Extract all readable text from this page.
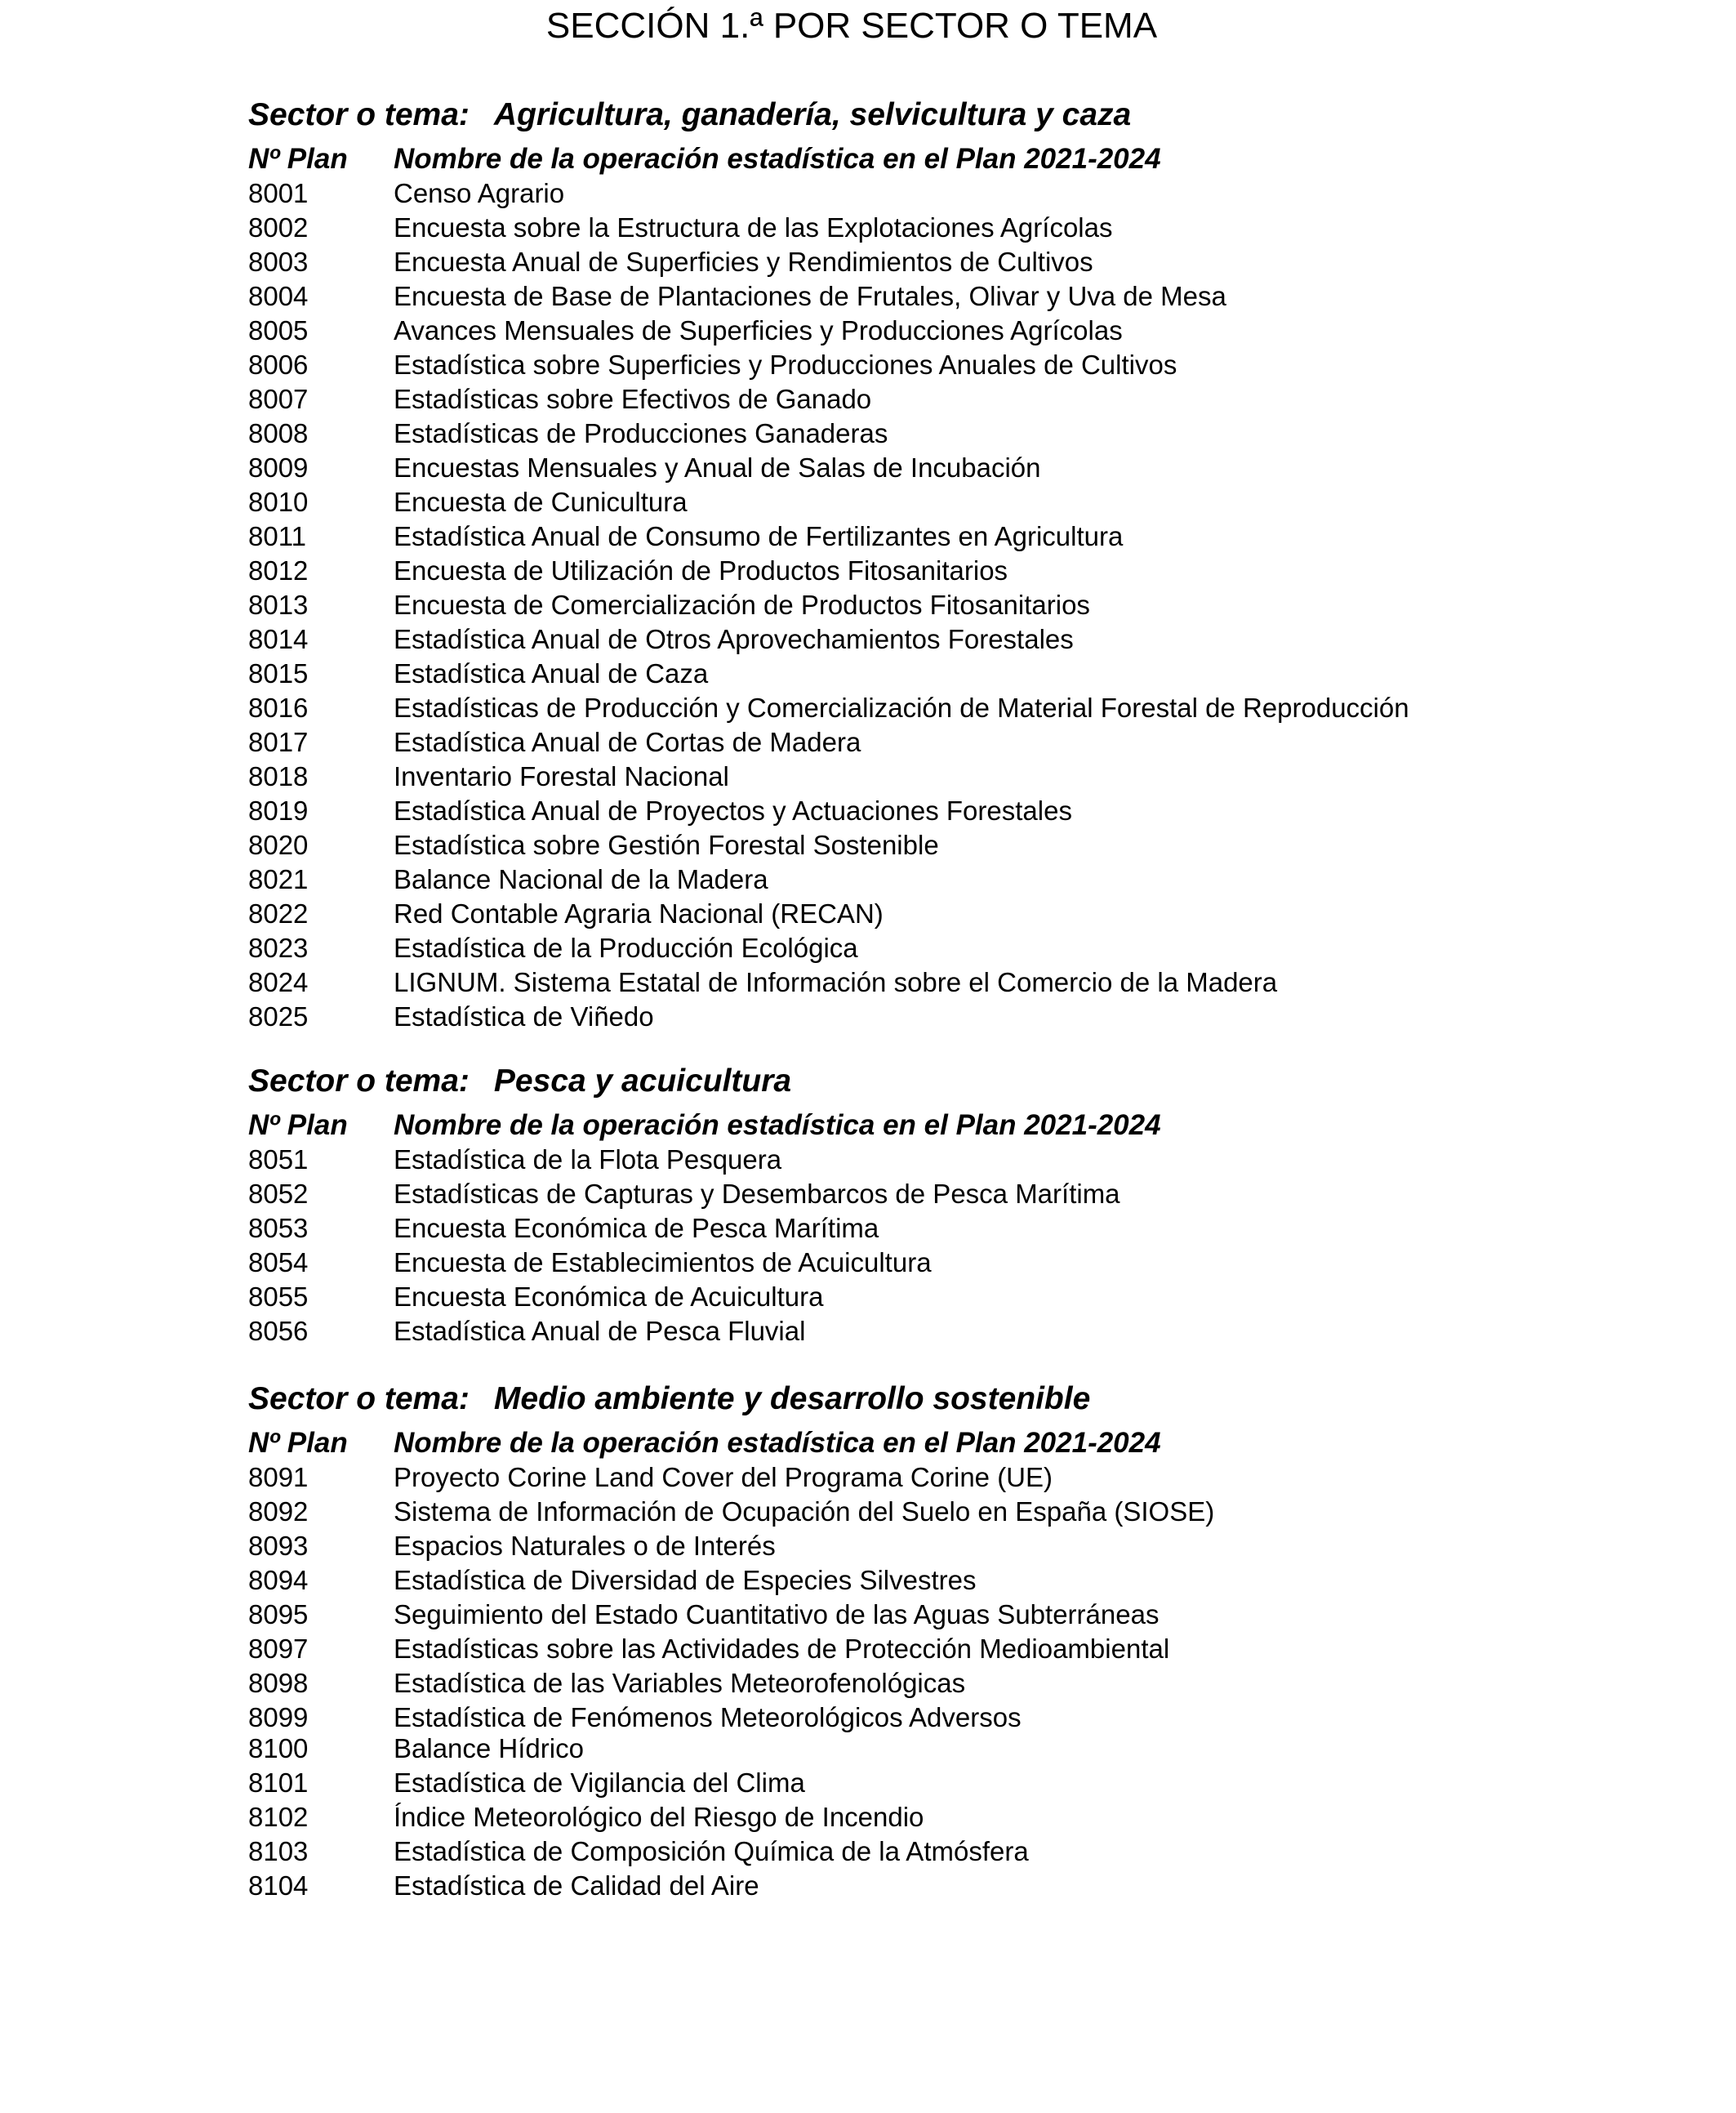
SECCIÓN 1.ª POR SECTOR O TEMA
Sector o tema: Agricultura, ganadería, selvicultura y caza
Nº Plan Nombre de la operación estadística en el Plan 2021-2024
8001	Censo Agrario
8002	Encuesta sobre la Estructura de las Explotaciones Agrícolas
8003	Encuesta Anual de Superficies y Rendimientos de Cultivos
8004	Encuesta de Base de Plantaciones de Frutales, Olivar y Uva de Mesa
8005	Avances Mensuales de Superficies y Producciones Agrícolas
8006	Estadística sobre Superficies y Producciones Anuales de Cultivos
8007	Estadísticas sobre Efectivos de Ganado
8008	Estadísticas de Producciones Ganaderas
8009	Encuestas Mensuales y Anual de Salas de Incubación
8010	Encuesta de Cunicultura
8011	Estadística Anual de Consumo de Fertilizantes en Agricultura
8012	Encuesta de Utilización de Productos Fitosanitarios
8013	Encuesta de Comercialización de Productos Fitosanitarios
8014	Estadística Anual de Otros Aprovechamientos Forestales
8015	Estadística Anual de Caza
8016	Estadísticas de Producción y Comercialización de Material Forestal de Reproducción
8017	Estadística Anual de Cortas de Madera
8018	Inventario Forestal Nacional
8019	Estadística Anual de Proyectos y Actuaciones Forestales
8020	Estadística sobre Gestión Forestal Sostenible
8021	Balance Nacional de la Madera
8022	Red Contable Agraria Nacional (RECAN)
8023	Estadística de la Producción Ecológica
8024	LIGNUM. Sistema Estatal de Información sobre el Comercio de la Madera
8025	Estadística de Viñedo
Sector o tema: Pesca y acuicultura
Nº Plan Nombre de la operación estadística en el Plan 2021-2024
8051	Estadística de la Flota Pesquera
8052	Estadísticas de Capturas y Desembarcos de Pesca Marítima
8053	Encuesta Económica de Pesca Marítima
8054	Encuesta de Establecimientos de Acuicultura
8055	Encuesta Económica de Acuicultura
8056	Estadística Anual de Pesca Fluvial
Sector o tema: Medio ambiente y desarrollo sostenible
Nº Plan Nombre de la operación estadística en el Plan 2021-2024
8091	Proyecto Corine Land Cover del Programa Corine (UE)
8092	Sistema de Información de Ocupación del Suelo en España (SIOSE)
8093	Espacios Naturales o de Interés
8094	Estadística de Diversidad de Especies Silvestres
8095	Seguimiento del Estado Cuantitativo de las Aguas Subterráneas
8097	Estadísticas sobre las Actividades de Protección Medioambiental
8098	Estadística de las Variables Meteorofenológicas
8099	Estadística de Fenómenos Meteorológicos Adversos
8100	Balance Hídrico
8101	Estadística de Vigilancia del Clima
8102	Índice Meteorológico del Riesgo de Incendio
8103	Estadística de Composición Química de la Atmósfera
8104	Estadística de Calidad del Aire
